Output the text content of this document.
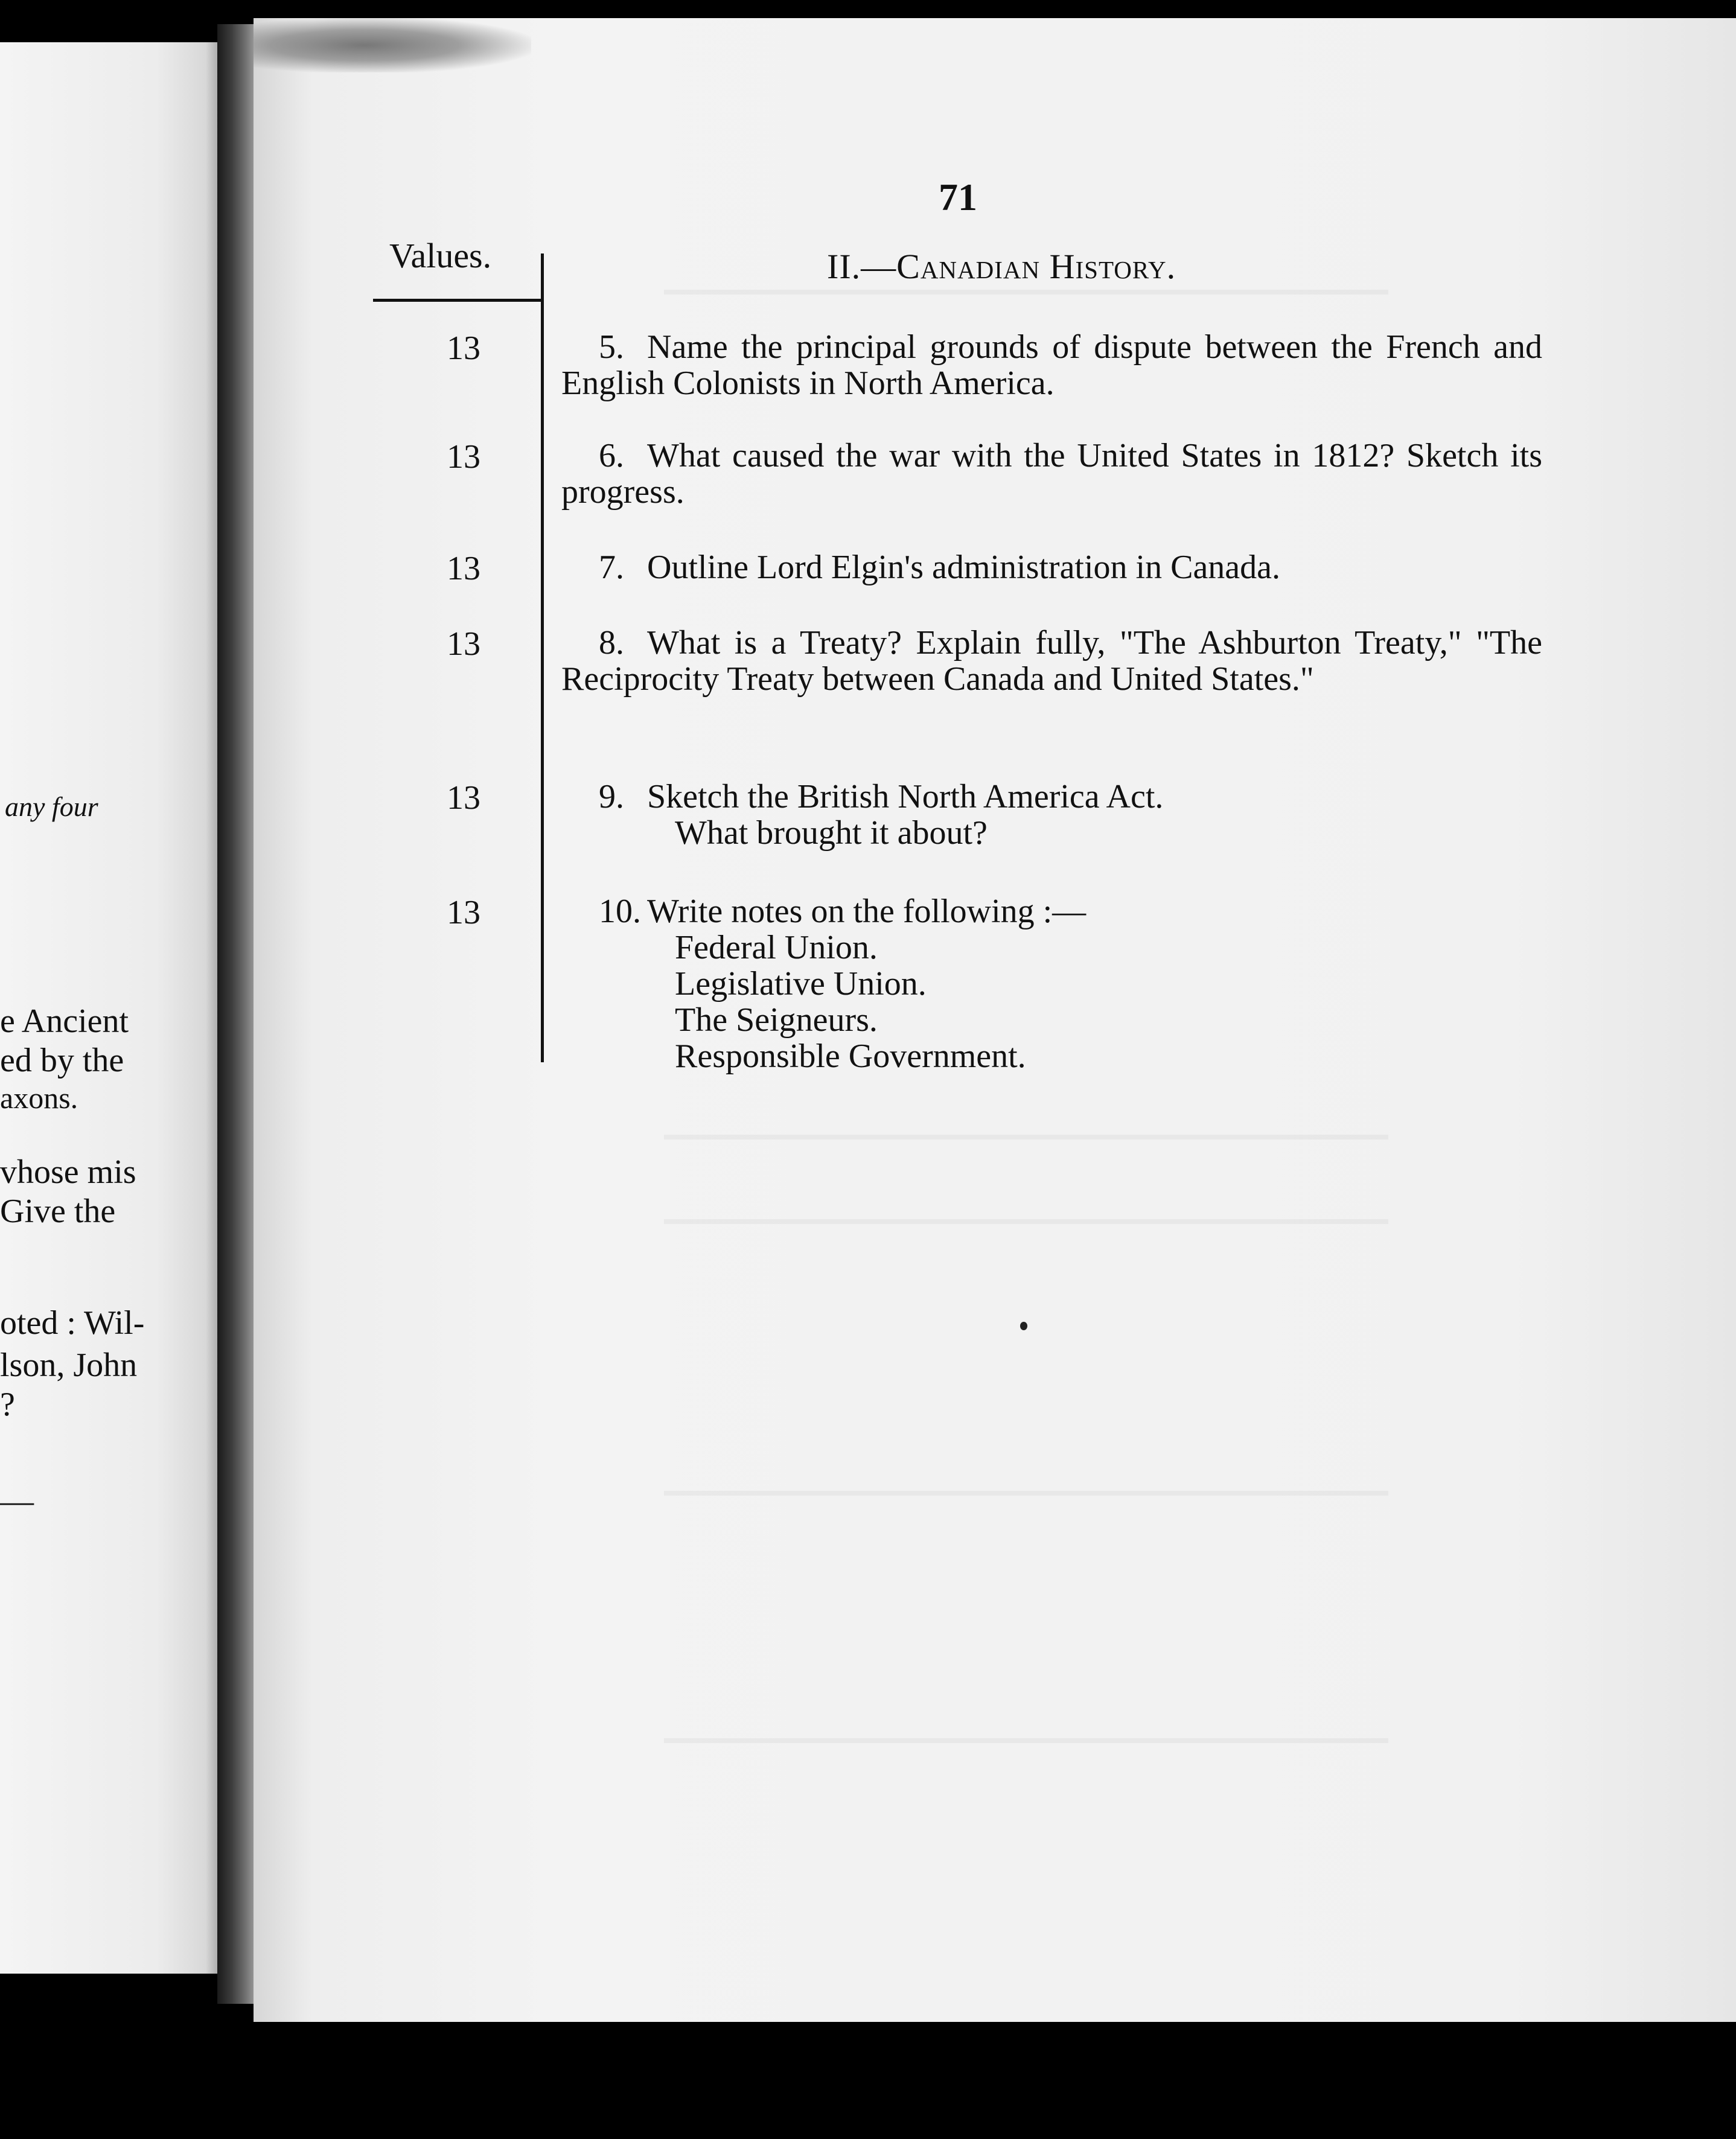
any four
e Ancient
ed by the
axons.
vhose mis
Give the
oted : Wil-
lson, John
?
—
71
Values.	II.—Canadian History.
13
13
13
13
13
13
5. Name the principal grounds of dispute between the French and English Colonists in North America.
6. What caused the war with the United States in 1812? Sketch its progress.
7. Outline Lord Elgin's administration in Canada.
8. What is a Treaty? Explain fully, "The Ashburton Treaty," "The Reciprocity Treaty between Canada and United States."
9. Sketch the British North America Act.
What brought it about?
10. Write notes on the following :—
Federal Union.
Legislative Union.
The Seigneurs.
Responsible Government.
